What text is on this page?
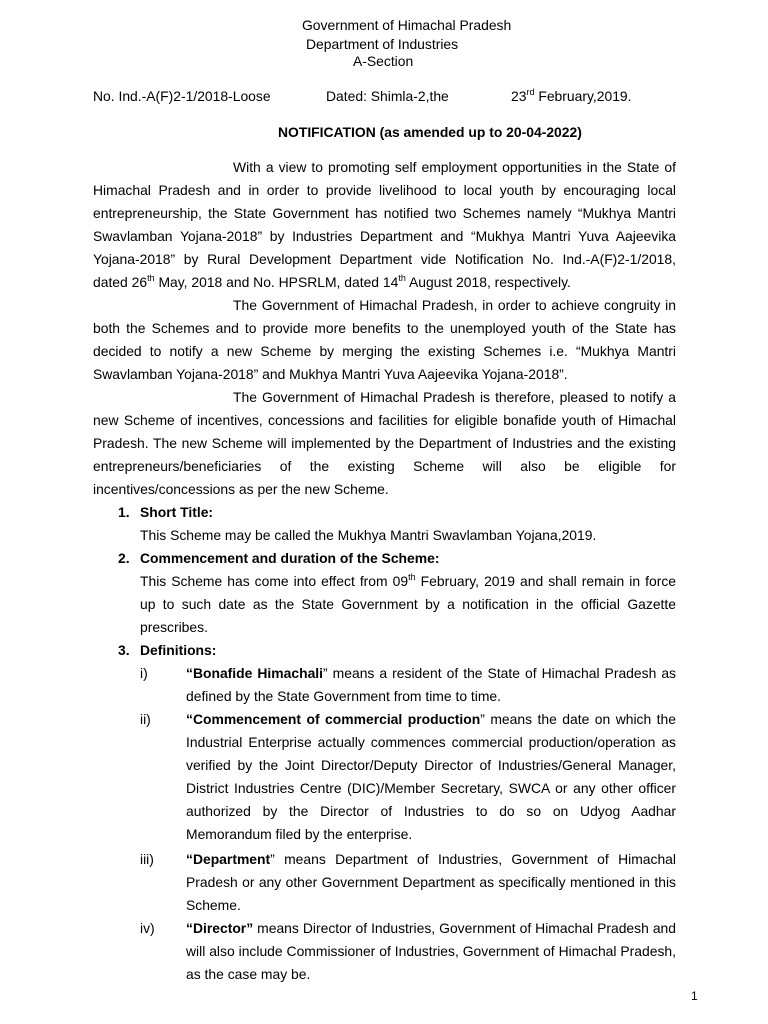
Government of Himachal Pradesh
Department of Industries
A-Section
No. Ind.-A(F)2-1/2018-Loose	Dated: Shimla-2,the	23rd February,2019.
NOTIFICATION (as amended up to 20-04-2022)

With a view to promoting self employment opportunities in the State of Himachal Pradesh and in order to provide livelihood to local youth by encouraging local entrepreneurship, the State Government has notified two Schemes namely “Mukhya Mantri Swavlamban Yojana-2018” by Industries Department and “Mukhya Mantri Yuva Aajeevika Yojana-2018” by Rural Development Department vide Notification No. Ind.-A(F)2-1/2018, dated 26th May, 2018 and No. HPSRLM, dated 14th August 2018, respectively.

The Government of Himachal Pradesh, in order to achieve congruity in both the Schemes and to provide more benefits to the unemployed youth of the State has decided to notify a new Scheme by merging the existing Schemes i.e. “Mukhya Mantri Swavlamban Yojana-2018” and Mukhya Mantri Yuva Aajeevika Yojana-2018”.

The Government of Himachal Pradesh is therefore, pleased to notify a new Scheme of incentives, concessions and facilities for eligible bonafide youth of Himachal Pradesh. The new Scheme will implemented by the Department of Industries and the existing entrepreneurs/beneficiaries of the existing Scheme will also be eligible for incentives/concessions as per the new Scheme.

1. Short Title:
This Scheme may be called the Mukhya Mantri Swavlamban Yojana,2019.
2. Commencement and duration of the Scheme:
This Scheme has come into effect from 09th February, 2019 and shall remain in force up to such date as the State Government by a notification in the official Gazette prescribes.
3. Definitions:
i)	“Bonafide Himachali” means a resident of the State of Himachal Pradesh as defined by the State Government from time to time.
ii)	“Commencement of commercial production” means the date on which the Industrial Enterprise actually commences commercial production/operation as verified by the Joint Director/Deputy Director of Industries/General Manager, District Industries Centre (DIC)/Member Secretary, SWCA or any other officer authorized by the Director of Industries to do so on Udyog Aadhar Memorandum filed by the enterprise.
iii) “Department” means Department of Industries, Government of Himachal Pradesh or any other Government Department as specifically mentioned in this Scheme.
iv) “Director” means Director of Industries, Government of Himachal Pradesh and will also include Commissioner of Industries, Government of Himachal Pradesh, as the case may be.
1
